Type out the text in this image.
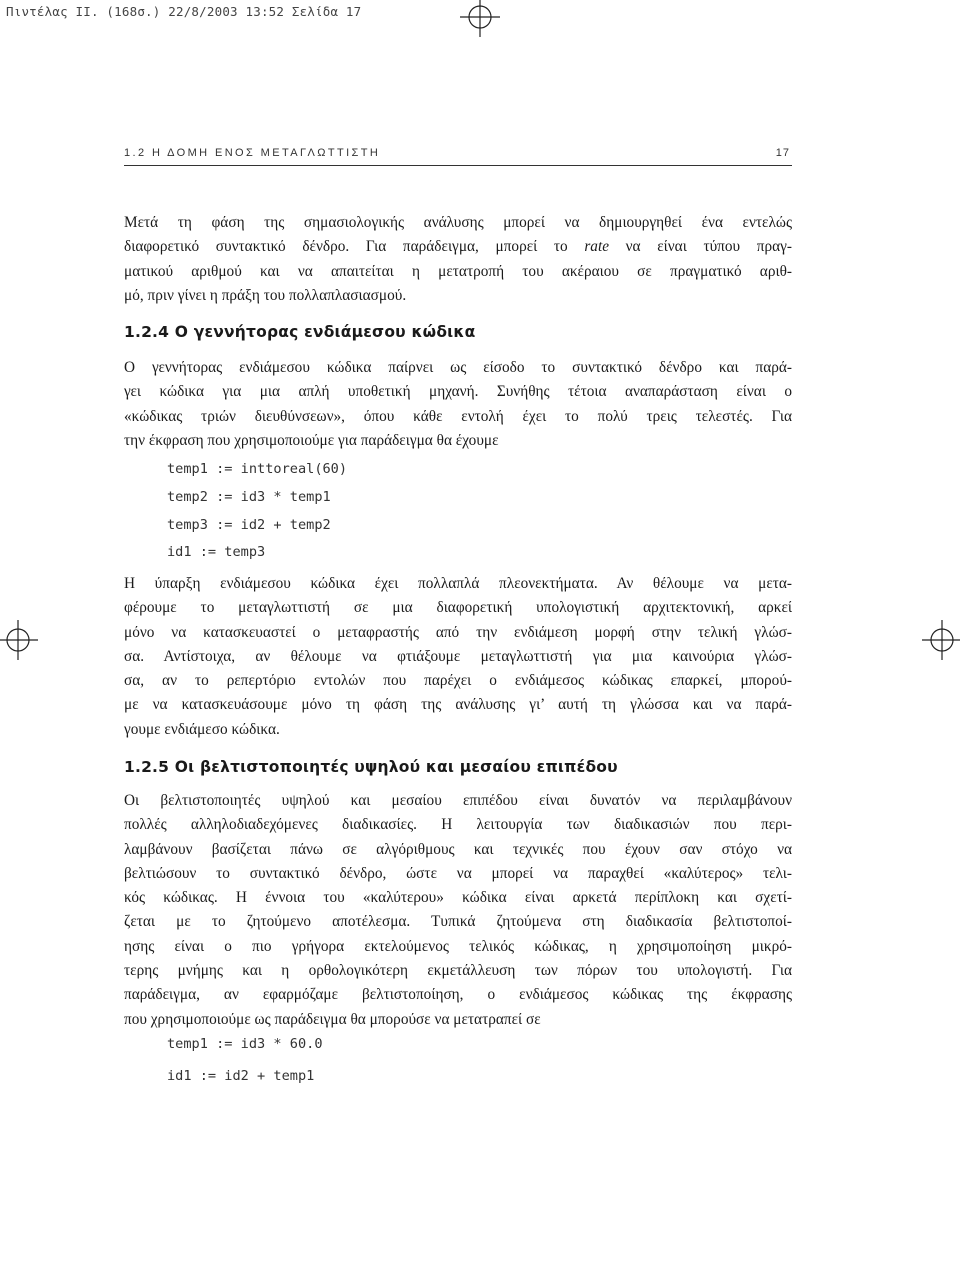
Πιντέλας ΙΙ. (168σ.) 22/8/2003 13:52 Σελίδα 17
1.2 Η ΔΟΜΗ ΕΝΟΣ ΜΕΤΑΓΛΩΤΤΙΣΤΗ	17

Μετά τη φάση της σημασιολογικής ανάλυσης μπορεί να δημιουργηθεί ένα εντελώς
διαφορετικό συντακτικό δένδρο. Για παράδειγμα, μπορεί το rate να είναι τύπου πραγ-
ματικού αριθμού και να απαιτείται η μετατροπή του ακέραιου σε πραγματικό αριθ-
μό, πριν γίνει η πράξη του πολλαπλασιασμού.

1.2.4 Ο γεννήτορας ενδιάμεσου κώδικα

Ο γεννήτορας ενδιάμεσου κώδικα παίρνει ως είσοδο το συντακτικό δένδρο και παρά-
γει κώδικα για μια απλή υποθετική μηχανή. Συνήθης τέτοια αναπαράσταση είναι ο
«κώδικας τριών διευθύνσεων», όπου κάθε εντολή έχει το πολύ τρεις τελεστές. Για
την έκφραση που χρησιμοποιούμε για παράδειγμα θα έχουμε

temp1 := inttoreal(60)
temp2 := id3 * temp1
temp3 := id2 + temp2
id1 := temp3

Η ύπαρξη ενδιάμεσου κώδικα έχει πολλαπλά πλεονεκτήματα. Αν θέλουμε να μετα-
φέρουμε το μεταγλωττιστή σε μια διαφορετική υπολογιστική αρχιτεκτονική, αρκεί
μόνο να κατασκευαστεί ο μεταφραστής από την ενδιάμεση μορφή στην τελική γλώσ-
σα. Αντίστοιχα, αν θέλουμε να φτιάξουμε μεταγλωττιστή για μια καινούρια γλώσ-
σα, αν το ρεπερτόριο εντολών που παρέχει ο ενδιάμεσος κώδικας επαρκεί, μπορού-
με να κατασκευάσουμε μόνο τη φάση της ανάλυσης γι’ αυτή τη γλώσσα και να παρά-
γουμε ενδιάμεσο κώδικα.

1.2.5 Οι βελτιστοποιητές υψηλού και μεσαίου επιπέδου

Οι βελτιστοποιητές υψηλού και μεσαίου επιπέδου είναι δυνατόν να περιλαμβάνουν
πολλές αλληλοδιαδεχόμενες διαδικασίες. Η λειτουργία των διαδικασιών που περι-
λαμβάνουν βασίζεται πάνω σε αλγόριθμους και τεχνικές που έχουν σαν στόχο να
βελτιώσουν το συντακτικό δένδρο, ώστε να μπορεί να παραχθεί «καλύτερος» τελι-
κός κώδικας. Η έννοια του «καλύτερου» κώδικα είναι αρκετά περίπλοκη και σχετί-
ζεται με το ζητούμενο αποτέλεσμα. Τυπικά ζητούμενα στη διαδικασία βελτιστοποί-
ησης είναι ο πιο γρήγορα εκτελούμενος τελικός κώδικας, η χρησιμοποίηση μικρό-
τερης μνήμης και η ορθολογικότερη εκμετάλλευση των πόρων του υπολογιστή. Για
παράδειγμα, αν εφαρμόζαμε βελτιστοποίηση, ο ενδιάμεσος κώδικας της έκφρασης
που χρησιμοποιούμε ως παράδειγμα θα μπορούσε να μετατραπεί σε

temp1 := id3 * 60.0
id1 := id2 + temp1
